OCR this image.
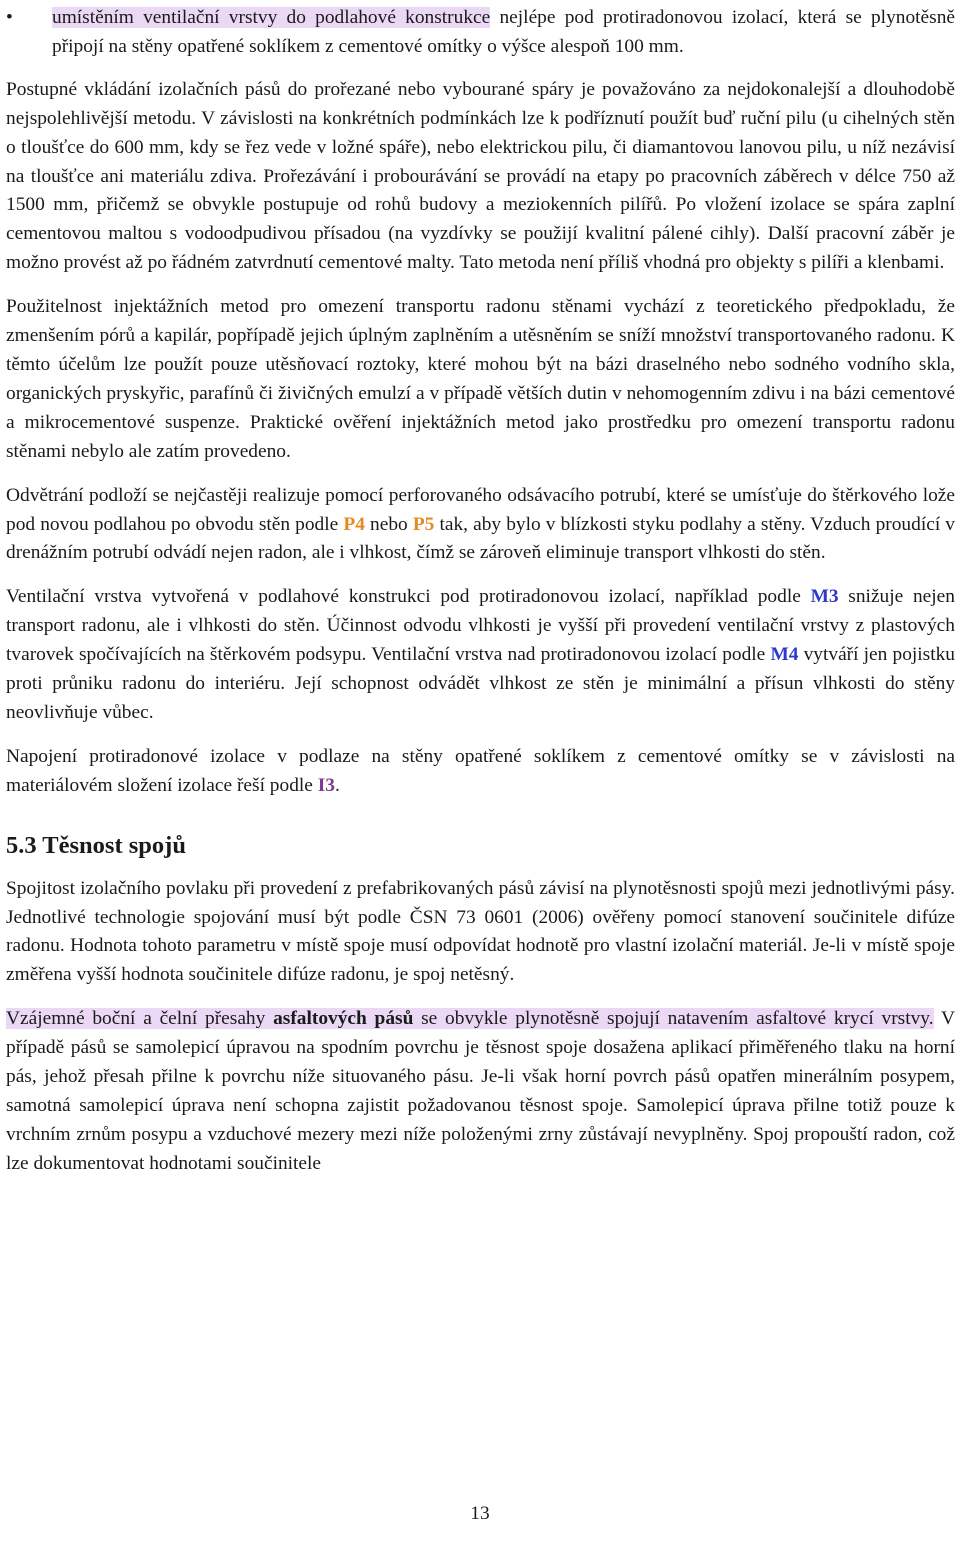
• umístěním ventilační vrstvy do podlahové konstrukce nejlépe pod protiradonovou izolací, která se plynotěsně připojí na stěny opatřené soklíkem z cementové omítky o výšce alespoň 100 mm.

Postupné vkládání izolačních pásů do prořezané nebo vybourané spáry je považováno za nejdokonalejší a dlouhodobě nejspolehlivější metodu. V závislosti na konkrétních podmínkách lze k podříznutí použít buď ruční pilu (u cihelných stěn o tloušťce do 600 mm, kdy se řez vede v ložné spáře), nebo elektrickou pilu, či diamantovou lanovou pilu, u níž nezávisí na tloušťce ani materiálu zdiva. Prořezávání i probourávání se provádí na etapy po pracovních záběrech v délce 750 až 1500 mm, přičemž se obvykle postupuje od rohů budovy a meziokenních pilířů. Po vložení izolace se spára zaplní cementovou maltou s vodoodpudivou přísadou (na vyzdívky se použijí kvalitní pálené cihly). Další pracovní záběr je možno provést až po řádném zatvrdnutí cementové malty. Tato metoda není příliš vhodná pro objekty s pilíři a klenbami.

Použitelnost injektážních metod pro omezení transportu radonu stěnami vychází z teoretického předpokladu, že zmenšením pórů a kapilár, popřípadě jejich úplným zaplněním a utěsněním se sníží množství transportovaného radonu. K těmto účelům lze použít pouze utěsňovací roztoky, které mohou být na bázi draselného nebo sodného vodního skla, organických pryskyřic, parafínů či živičných emulzí a v případě větších dutin v nehomogenním zdivu i na bázi cementové a mikrocementové suspenze. Praktické ověření injektážních metod jako prostředku pro omezení transportu radonu stěnami nebylo ale zatím provedeno.

Odvětrání podloží se nejčastěji realizuje pomocí perforovaného odsávacího potrubí, které se umísťuje do štěrkového lože pod novou podlahou po obvodu stěn podle P4 nebo P5 tak, aby bylo v blízkosti styku podlahy a stěny. Vzduch proudící v drenážním potrubí odvádí nejen radon, ale i vlhkost, čímž se zároveň eliminuje transport vlhkosti do stěn.

Ventilační vrstva vytvořená v podlahové konstrukci pod protiradonovou izolací, například podle M3 snižuje nejen transport radonu, ale i vlhkosti do stěn. Účinnost odvodu vlhkosti je vyšší při provedení ventilační vrstvy z plastových tvarovek spočívajících na štěrkovém podsypu. Ventilační vrstva nad protiradonovou izolací podle M4 vytváří jen pojistku proti průniku radonu do interiéru. Její schopnost odvádět vlhkost ze stěn je minimální a přísun vlhkosti do stěny neovlivňuje vůbec.

Napojení protiradonové izolace v podlaze na stěny opatřené soklíkem z cementové omítky se v závislosti na materiálovém složení izolace řeší podle I3.

5.3 Těsnost spojů

Spojitost izolačního povlaku při provedení z prefabrikovaných pásů závisí na plynotěsnosti spojů mezi jednotlivými pásy. Jednotlivé technologie spojování musí být podle ČSN 73 0601 (2006) ověřeny pomocí stanovení součinitele difúze radonu. Hodnota tohoto parametru v místě spoje musí odpovídat hodnotě pro vlastní izolační materiál. Je-li v místě spoje změřena vyšší hodnota součinitele difúze radonu, je spoj netěsný.

Vzájemné boční a čelní přesahy asfaltových pásů se obvykle plynotěsně spojují natavením asfaltové krycí vrstvy. V případě pásů se samolepicí úpravou na spodním povrchu je těsnost spoje dosažena aplikací přiměřeného tlaku na horní pás, jehož přesah přilne k povrchu níže situovaného pásu. Je-li však horní povrch pásů opatřen minerálním posypem, samotná samolepicí úprava není schopna zajistit požadovanou těsnost spoje. Samolepicí úprava přilne totiž pouze k vrchním zrnům posypu a vzduchové mezery mezi níže položenými zrny zůstávají nevyplněny. Spoj propouští radon, což lze dokumentovat hodnotami součinitele

13
